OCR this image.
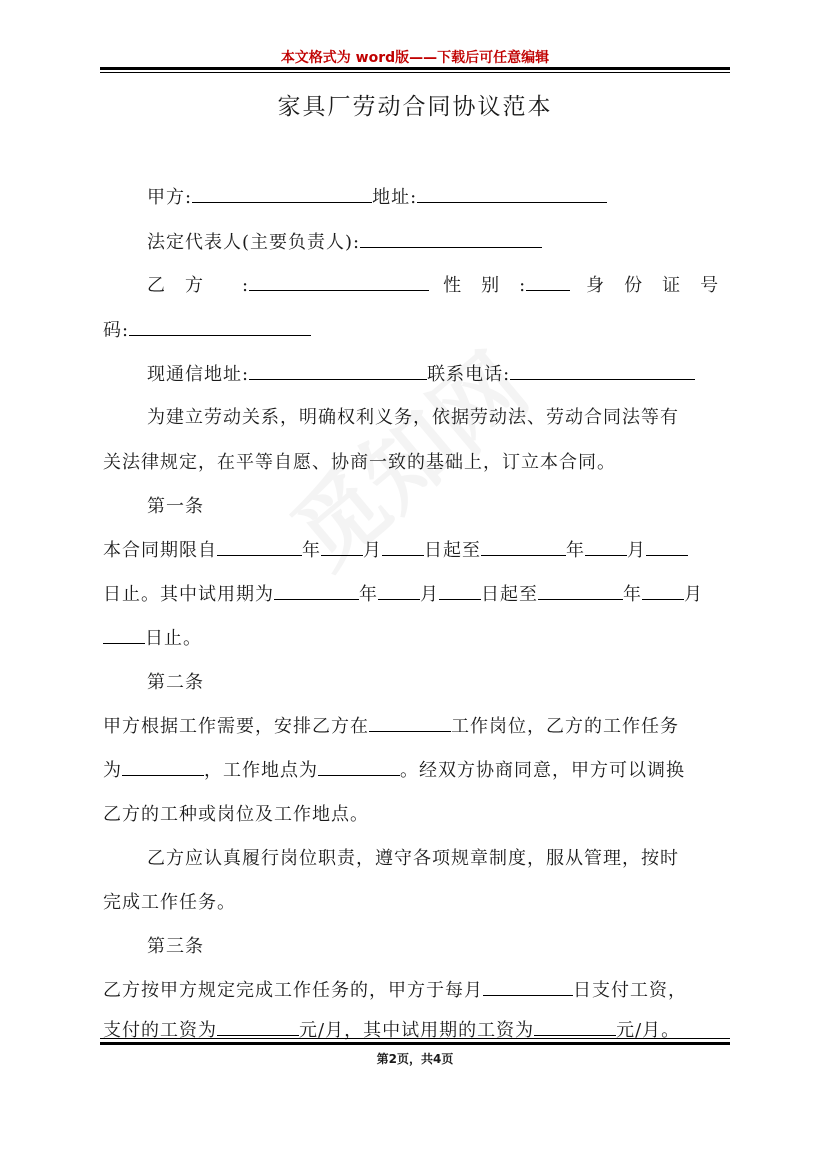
本文格式为 word版——下载后可任意编辑
家具厂劳动合同协议范本
甲方:	地址:
法定代表人(主要负责人):
乙　方　　:	性　别　:	身　份　证　号
码:
现通信地址:	联系电话:
为建立劳动关系，明确权利义务，依据劳动法、劳动合同法等有
关法律规定，在平等自愿、协商一致的基础上，订立本合同。
第一条
本合同期限自	年 月 日起至	年 月
日止。其中试用期为	年 月 日起至	年 月
日止。
第二条
甲方根据工作需要，安排乙方在	工作岗位，乙方的工作任务
为	，工作地点为	。经双方协商同意，甲方可以调换
乙方的工种或岗位及工作地点。
乙方应认真履行岗位职责，遵守各项规章制度，服从管理，按时
完成工作任务。
第三条
乙方按甲方规定完成工作任务的，甲方于每月	日支付工资，
支付的工资为	元/月，其中试用期的工资为	元/月。
第2页，共4页
